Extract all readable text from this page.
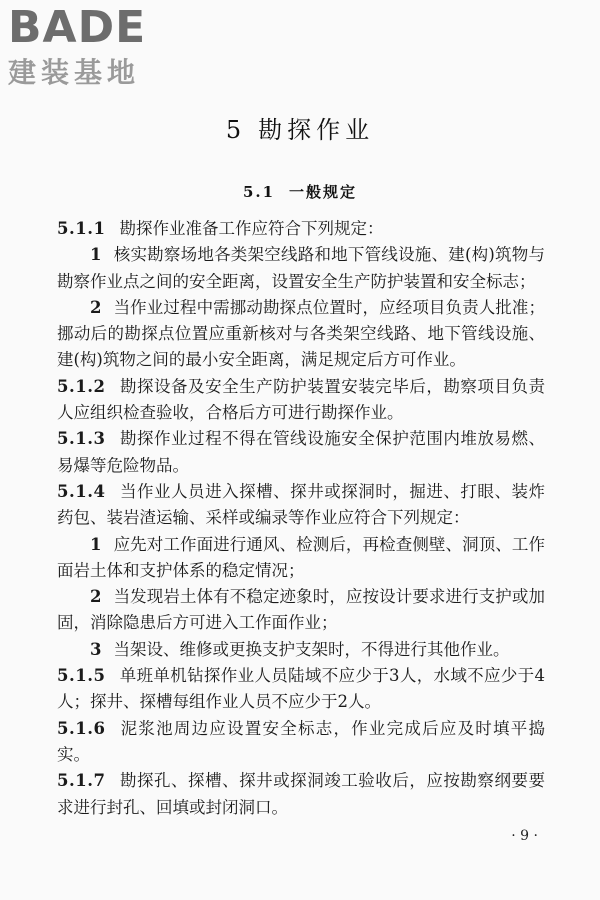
BADE
建装基地
5 勘探作业
5.1 一般规定

5.1.1 勘探作业准备工作应符合下列规定：

1 核实勘察场地各类架空线路和地下管线设施、建(构)筑物与勘察作业点之间的安全距离，设置安全生产防护装置和安全标志；

2 当作业过程中需挪动勘探点位置时，应经项目负责人批准；挪动后的勘探点位置应重新核对与各类架空线路、地下管线设施、建(构)筑物之间的最小安全距离，满足规定后方可作业。

5.1.2 勘探设备及安全生产防护装置安装完毕后，勘察项目负责人应组织检查验收，合格后方可进行勘探作业。

5.1.3 勘探作业过程不得在管线设施安全保护范围内堆放易燃、易爆等危险物品。

5.1.4 当作业人员进入探槽、探井或探洞时，掘进、打眼、装炸药包、装岩渣运输、采样或编录等作业应符合下列规定：

1 应先对工作面进行通风、检测后，再检查侧壁、洞顶、工作面岩土体和支护体系的稳定情况；

2 当发现岩土体有不稳定迹象时，应按设计要求进行支护或加固，消除隐患后方可进入工作面作业；

3 当架设、维修或更换支护支架时，不得进行其他作业。

5.1.5 单班单机钻探作业人员陆域不应少于3人，水域不应少于4人；探井、探槽每组作业人员不应少于2人。

5.1.6 泥浆池周边应设置安全标志，作业完成后应及时填平捣实。

5.1.7 勘探孔、探槽、探井或探洞竣工验收后，应按勘察纲要要求进行封孔、回填或封闭洞口。

· 9 ·
